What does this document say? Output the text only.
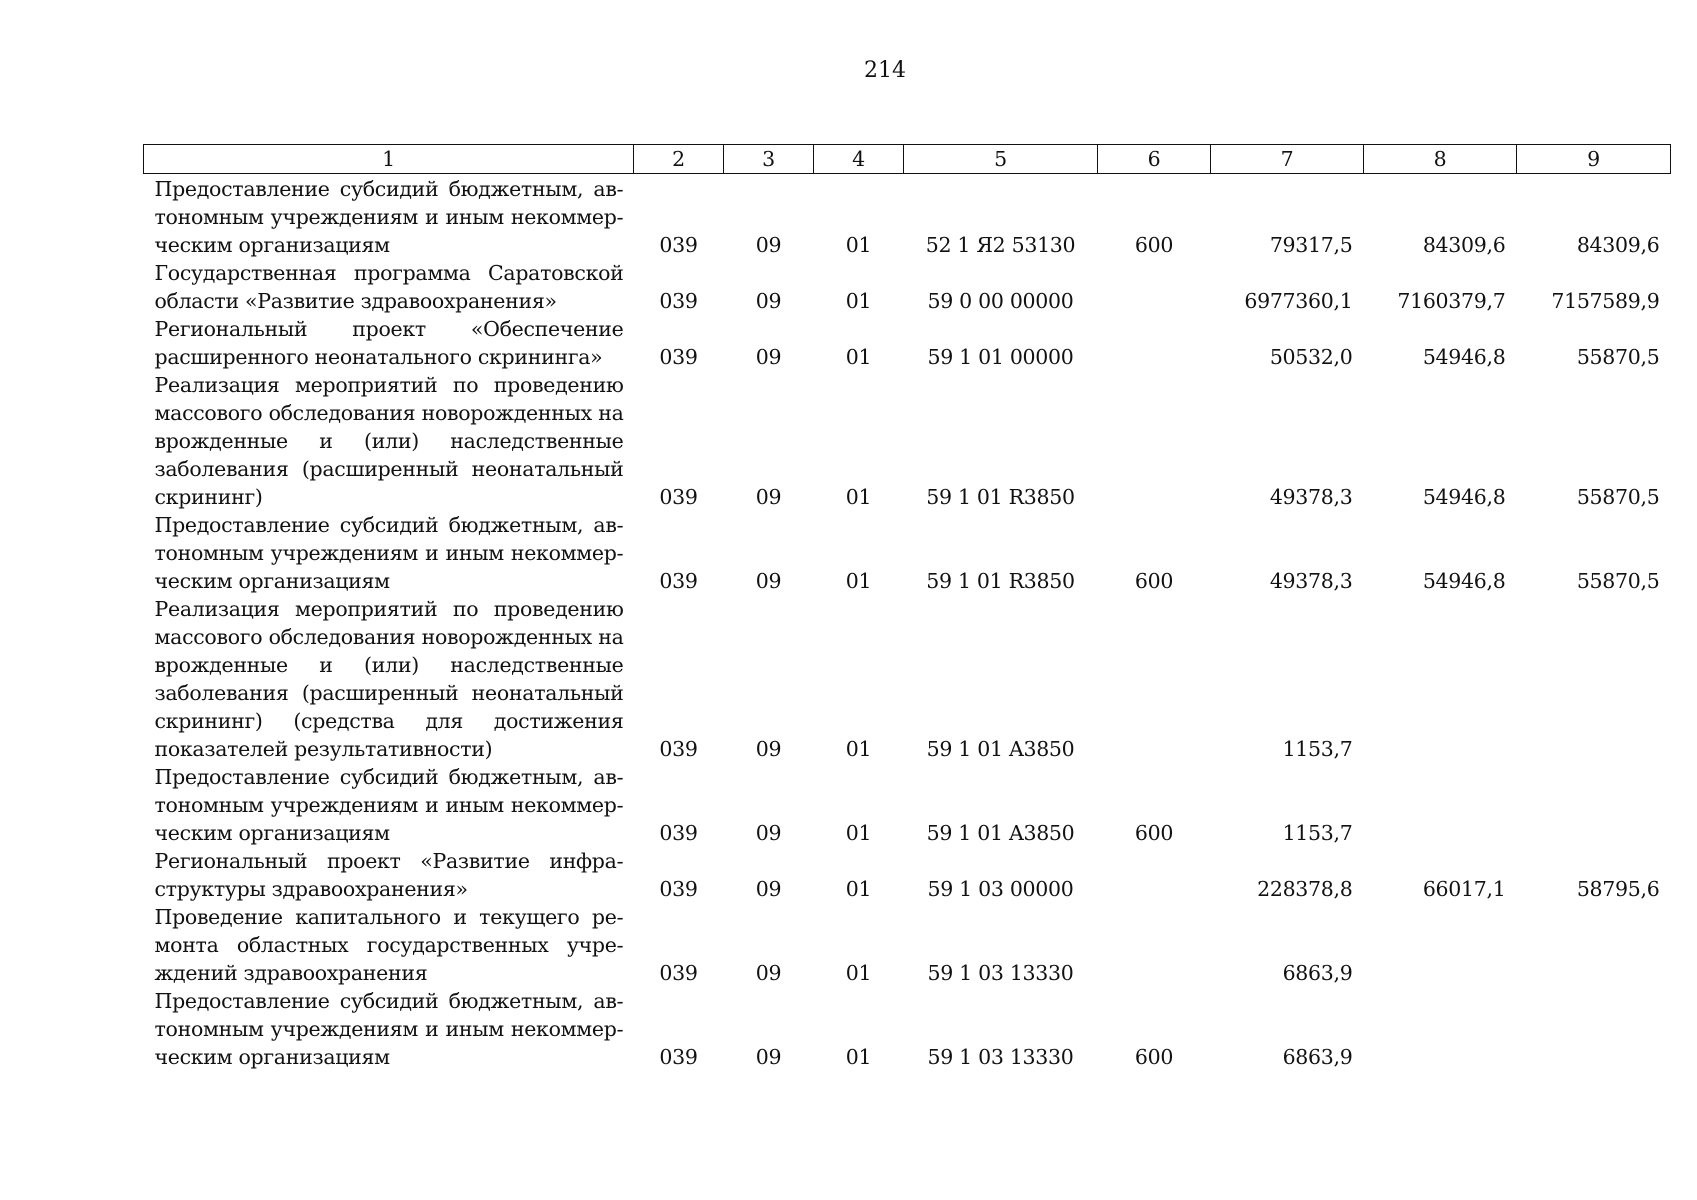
214
1	2	3	4	5	6	7	8	9
Предоставление субсидий бюджетным, автономным учреждениям и иным некоммерческим организациям	039	09	01	52 1 Я2 53130	600	79317,5	84309,6	84309,6
Государственная программа Саратовской области «Развитие здравоохранения»	039	09	01	59 0 00 00000		6977360,1	7160379,7	7157589,9
Региональный проект «Обеспечение расширенного неонатального скрининга»	039	09	01	59 1 01 00000		50532,0	54946,8	55870,5
Реализация мероприятий по проведению массового обследования новорожденных на врожденные и (или) наследственные заболевания (расширенный неонатальный скрининг)	039	09	01	59 1 01 R3850		49378,3	54946,8	55870,5
Предоставление субсидий бюджетным, автономным учреждениям и иным некоммерческим организациям	039	09	01	59 1 01 R3850	600	49378,3	54946,8	55870,5
Реализация мероприятий по проведению массового обследования новорожденных на врожденные и (или) наследственные заболевания (расширенный неонатальный скрининг) (средства для достижения показателей результативности)	039	09	01	59 1 01 A3850		1153,7		
Предоставление субсидий бюджетным, автономным учреждениям и иным некоммерческим организациям	039	09	01	59 1 01 A3850	600	1153,7		
Региональный проект «Развитие инфраструктуры здравоохранения»	039	09	01	59 1 03 00000		228378,8	66017,1	58795,6
Проведение капитального и текущего ремонта областных государственных учреждений здравоохранения	039	09	01	59 1 03 13330		6863,9		
Предоставление субсидий бюджетным, автономным учреждениям и иным некоммерческим организациям	039	09	01	59 1 03 13330	600	6863,9		
